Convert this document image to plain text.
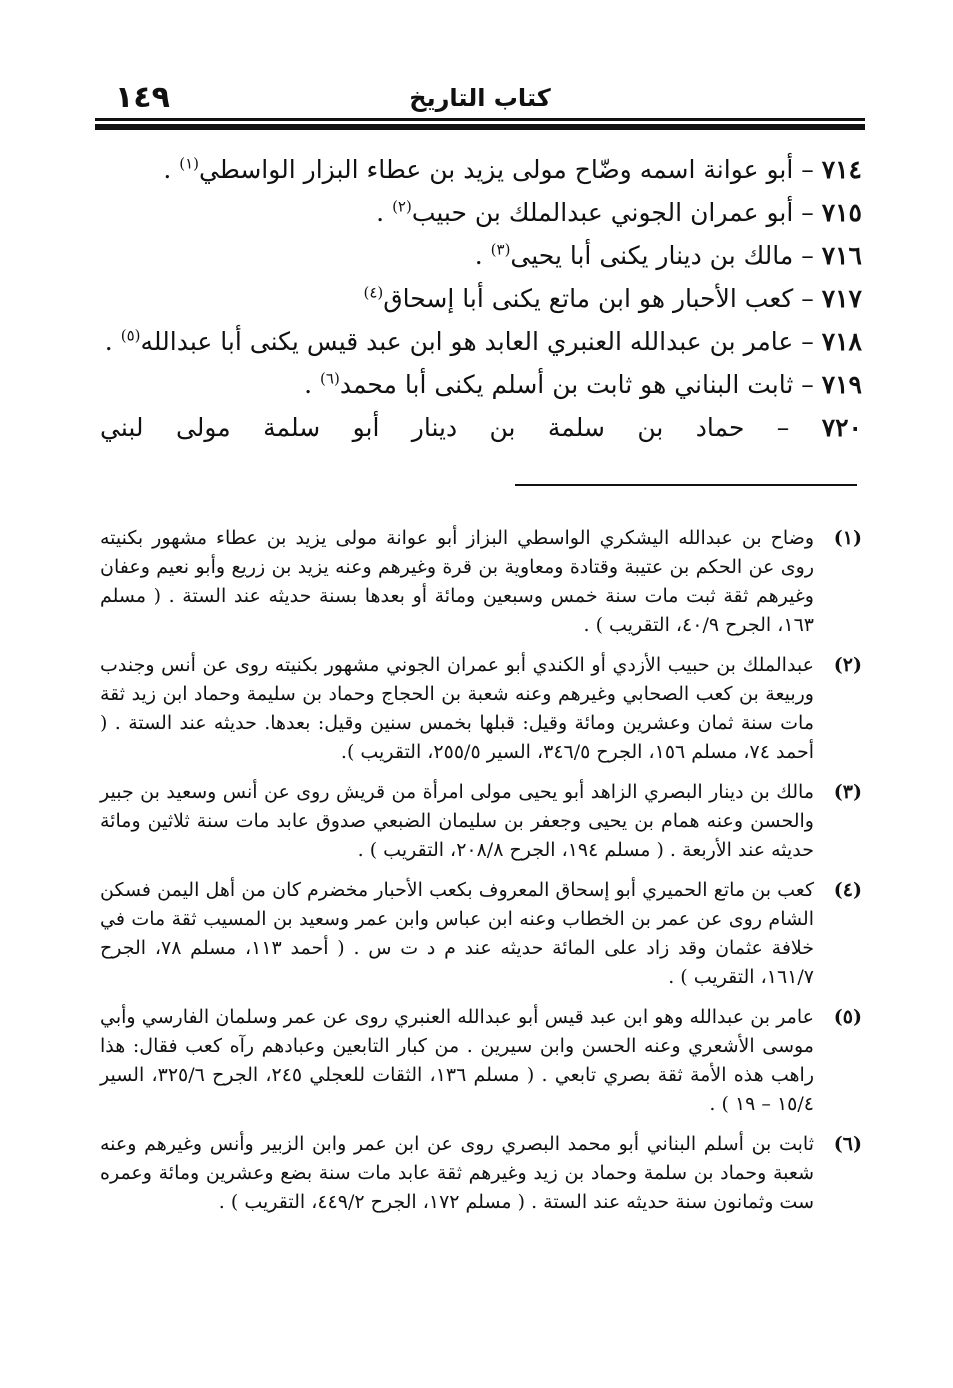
١٤٩	كتاب التاريخ
٧١٤ – أبو عوانة اسمه وضّاح مولى يزيد بن عطاء البزار الواسطي$^{(١)}$ .
٧١٥ – أبو عمران الجوني عبدالملك بن حبيب$^{(٢)}$ .
٧١٦ – مالك بن دينار يكنى أبا يحيى$^{(٣)}$ .
٧١٧ – كعب الأحبار هو ابن ماتع يكنى أبا إسحاق$^{(٤)}$
٧١٨ – عامر بن عبدالله العنبري العابد هو ابن عبد قيس يكنى أبا عبدالله$^{(٥)}$ .
٧١٩ – ثابت البناني هو ثابت بن أسلم يكنى أبا محمد$^{(٦)}$ .
٧٢٠ – حماد بن سلمة بن دينار أبو سلمة مولى لبني
(١)
وضاح بن عبدالله اليشكري الواسطي البزاز أبو عوانة مولى يزيد بن عطاء مشهور بكنيته روى عن الحكم بن عتيبة وقتادة ومعاوية بن قرة وغيرهم وعنه يزيد بن زريع وأبو نعيم وعفان وغيرهم ثقة ثبت مات سنة خمس وسبعين ومائة أو بعدها بسنة حديثه عند الستة . ( مسلم ١٦٣، الجرح ٤٠/٩، التقريب ) .
(٢)
عبدالملك بن حبيب الأزدي أو الكندي أبو عمران الجوني مشهور بكنيته روى عن أنس وجندب وربيعة بن كعب الصحابي وغيرهم وعنه شعبة بن الحجاج وحماد بن سليمة وحماد ابن زيد ثقة مات سنة ثمان وعشرين ومائة وقيل: قبلها بخمس سنين وقيل: بعدها. حديثه عند الستة . ( أحمد ٧٤، مسلم ١٥٦، الجرح ٣٤٦/٥، السير ٢٥٥/٥، التقريب ).
(٣)
مالك بن دينار البصري الزاهد أبو يحيى مولى امرأة من قريش روى عن أنس وسعيد بن جبير والحسن وعنه همام بن يحيى وجعفر بن سليمان الضبعي صدوق عابد مات سنة ثلاثين ومائة حديثه عند الأربعة . ( مسلم ١٩٤، الجرح ٢٠٨/٨، التقريب ) .
(٤)
كعب بن ماتع الحميري أبو إسحاق المعروف بكعب الأحبار مخضرم كان من أهل اليمن فسكن الشام روى عن عمر بن الخطاب وعنه ابن عباس وابن عمر وسعيد بن المسيب ثقة مات في خلافة عثمان وقد زاد على المائة حديثه عند م د ت س . ( أحمد ١١٣، مسلم ٧٨، الجرح ١٦١/٧، التقريب ) .
(٥)
عامر بن عبدالله وهو ابن عبد قيس أبو عبدالله العنبري روى عن عمر وسلمان الفارسي وأبي موسى الأشعري وعنه الحسن وابن سيرين . من كبار التابعين وعبادهم رآه كعب فقال: هذا راهب هذه الأمة ثقة بصري تابعي . ( مسلم ١٣٦، الثقات للعجلي ٢٤٥، الجرح ٣٢٥/٦، السير ١٥/٤ – ١٩ ) .
(٦)
ثابت بن أسلم البناني أبو محمد البصري روى عن ابن عمر وابن الزبير وأنس وغيرهم وعنه شعبة وحماد بن سلمة وحماد بن زيد وغيرهم ثقة عابد مات سنة بضع وعشرين ومائة وعمره ست وثمانون سنة حديثه عند الستة . ( مسلم ١٧٢، الجرح ٤٤٩/٢، التقريب ) .
